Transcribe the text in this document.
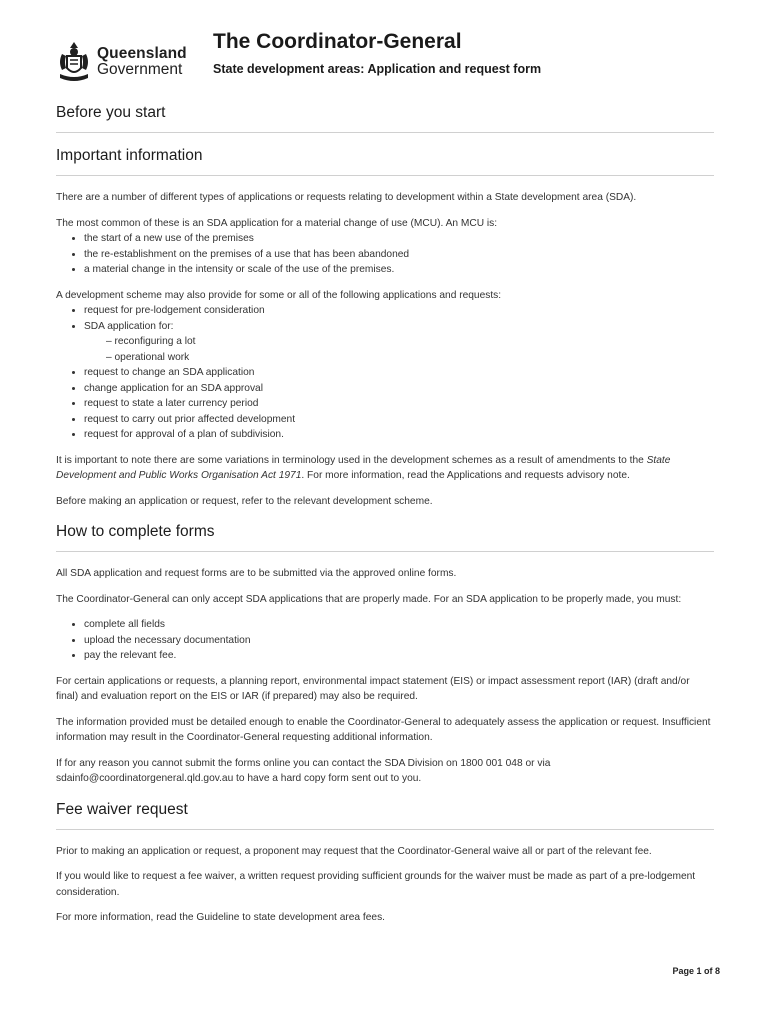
Queensland
Government
The Coordinator-General
State development areas: Application and request form
Before you start
Important information

There are a number of different types of applications or requests relating to development within a State development area (SDA).

The most common of these is an SDA application for a material change of use (MCU). An MCU is:

• the start of a new use of the premises
• the re-establishment on the premises of a use that has been abandoned
• a material change in the intensity or scale of the use of the premises.

A development scheme may also provide for some or all of the following applications and requests:

• request for pre-lodgement consideration
• SDA application for:
– reconfiguring a lot
– operational work
• request to change an SDA application
• change application for an SDA approval
• request to state a later currency period
• request to carry out prior affected development
• request for approval of a plan of subdivision.

It is important to note there are some variations in terminology used in the development schemes as a result of amendments to the State Development and Public Works Organisation Act 1971. For more information, read the Applications and requests advisory note.

Before making an application or request, refer to the relevant development scheme.

How to complete forms

All SDA application and request forms are to be submitted via the approved online forms.

The Coordinator-General can only accept SDA applications that are properly made. For an SDA application to be properly made, you must:

• complete all fields
• upload the necessary documentation
• pay the relevant fee.

For certain applications or requests, a planning report, environmental impact statement (EIS) or impact assessment report (IAR) (draft and/or final) and evaluation report on the EIS or IAR (if prepared) may also be required.

The information provided must be detailed enough to enable the Coordinator-General to adequately assess the application or request. Insufficient information may result in the Coordinator-General requesting additional information.

If for any reason you cannot submit the forms online you can contact the SDA Division on 1800 001 048 or via sdainfo@coordinatorgeneral.qld.gov.au to have a hard copy form sent out to you.

Fee waiver request

Prior to making an application or request, a proponent may request that the Coordinator-General waive all or part of the relevant fee.

If you would like to request a fee waiver, a written request providing sufficient grounds for the waiver must be made as part of a pre-lodgement consideration.

For more information, read the Guideline to state development area fees.

Page 1 of 8
